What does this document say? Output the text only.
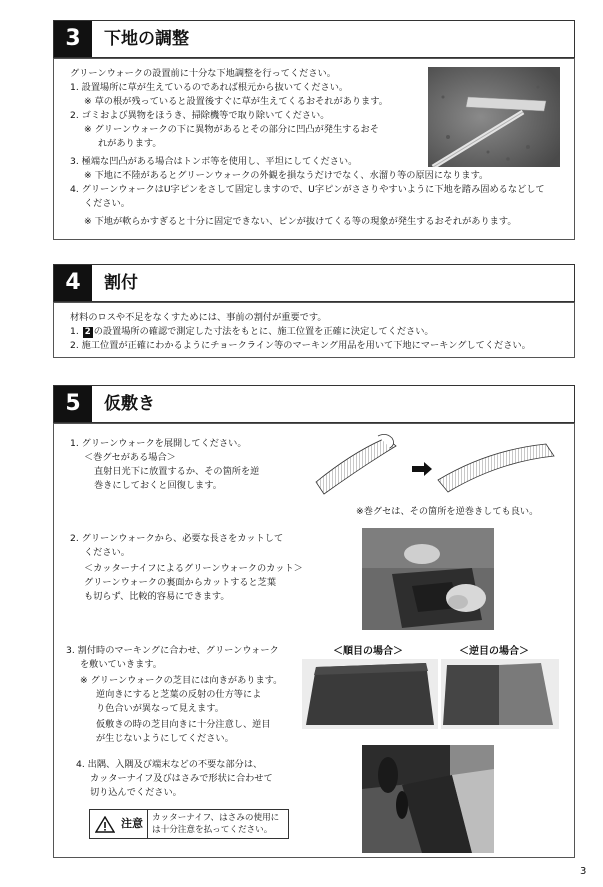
3	下地の調整
グリーンウォークの設置前に十分な下地調整を行ってください。
1. 設置場所に草が生えているのであれば根元から抜いてください。
※ 草の根が残っていると設置後すぐに草が生えてくるおそれがあります。
2. ゴミおよび異物をほうき、掃除機等で取り除いてください。
※ グリーンウォークの下に異物があるとその部分に凹凸が発生するおそ
れがあります。
3. 極端な凹凸がある場合はトンボ等を使用し、平坦にしてください。
※ 下地に不陸があるとグリーンウォークの外観を損なうだけでなく、水溜り等の原因になります。
4. グリーンウォークはU字ピンをさして固定しますので、U字ピンがささりやすいように下地を踏み固めるなどして
ください。
※ 下地が軟らかすぎると十分に固定できない、ピンが抜けてくる等の現象が発生するおそれがあります。
4	割付
材料のロスや不足をなくすためには、事前の割付が重要です。
1. 2 の設置場所の確認で測定した寸法をもとに、施工位置を正確に決定してください。
2. 施工位置が正確にわかるようにチョークライン等のマーキング用品を用いて下地にマーキングしてください。
5	仮敷き
1. グリーンウォークを展開してください。
＜巻グセがある場合＞
直射日光下に放置するか、その箇所を逆
巻きにしておくと回復します。
※巻グセは、その箇所を逆巻きしても良い。
2. グリーンウォークから、必要な長さをカットして
ください。
＜カッターナイフによるグリーンウォークのカット＞
グリーンウォークの裏面からカットすると芝葉
も切らず、比較的容易にできます。
3. 割付時のマーキングに合わせ、グリーンウォーク
を敷いていきます。
※ グリーンウォークの芝目には向きがあります。
逆向きにすると芝葉の反射の仕方等によ
り色合いが異なって見えます。
仮敷きの時の芝目向きに十分注意し、逆目
が生じないようにしてください。
＜順目の場合＞	＜逆目の場合＞
4. 出隅、入隅及び端末などの不要な部分は、
カッターナイフ及びはさみで形状に合わせて
切り込んでください。
注意	カッターナイフ、はさみの使用に
は十分注意を払ってください。
3
